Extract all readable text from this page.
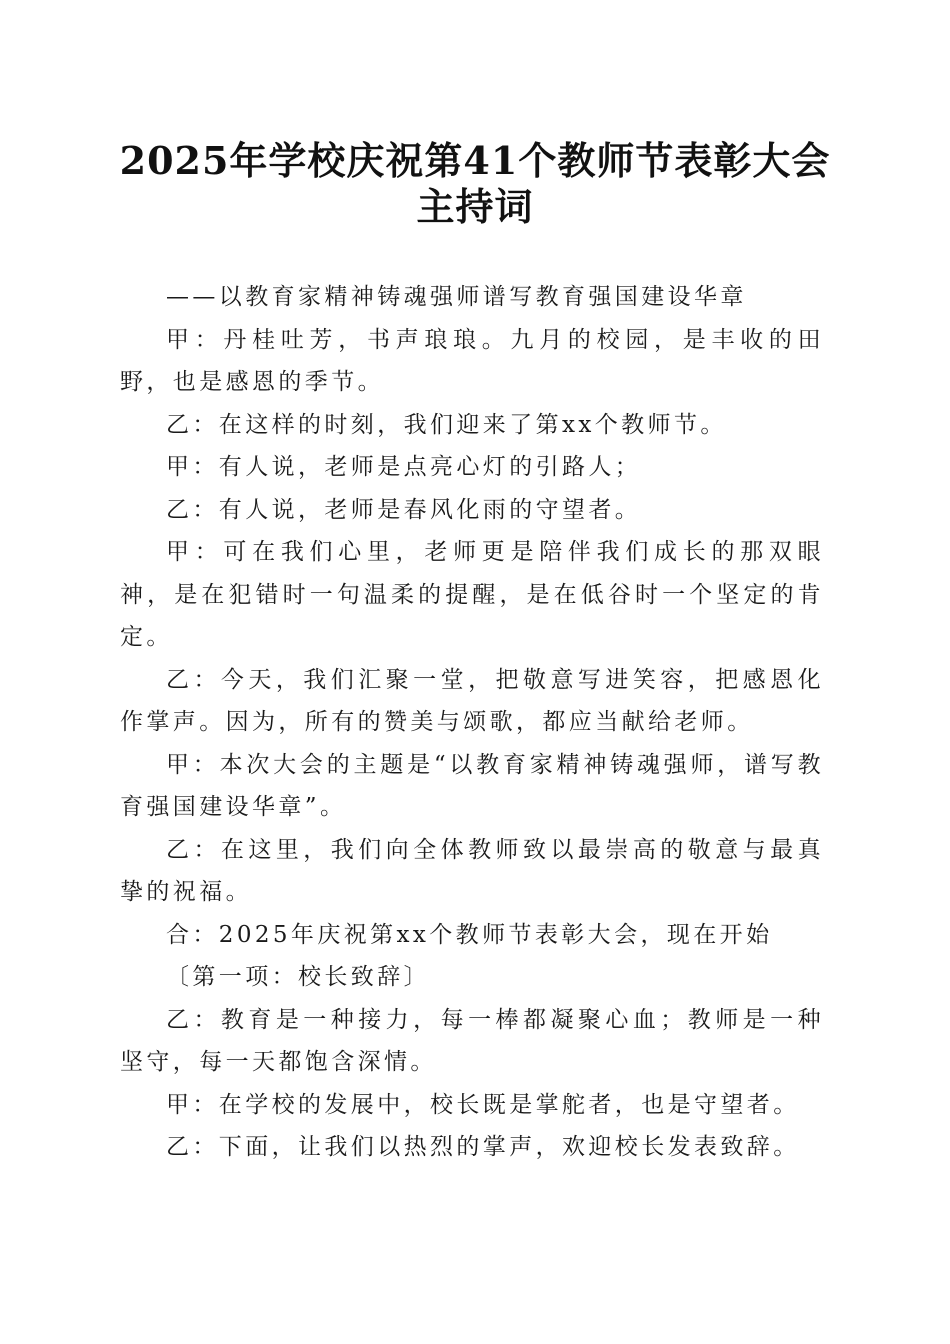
2025年学校庆祝第41个教师节表彰大会主持词

——以教育家精神铸魂强师谱写教育强国建设华章

甲：丹桂吐芳，书声琅琅。九月的校园，是丰收的田野，也是感恩的季节。

乙：在这样的时刻，我们迎来了第xx个教师节。

甲：有人说，老师是点亮心灯的引路人；

乙：有人说，老师是春风化雨的守望者。

甲：可在我们心里，老师更是陪伴我们成长的那双眼神，是在犯错时一句温柔的提醒，是在低谷时一个坚定的肯定。

乙：今天，我们汇聚一堂，把敬意写进笑容，把感恩化作掌声。因为，所有的赞美与颂歌，都应当献给老师。

甲：本次大会的主题是“以教育家精神铸魂强师，谱写教育强国建设华章”。

乙：在这里，我们向全体教师致以最崇高的敬意与最真挚的祝福。

合：2025年庆祝第xx个教师节表彰大会，现在开始

〔第一项：校长致辞〕

乙：教育是一种接力，每一棒都凝聚心血；教师是一种坚守，每一天都饱含深情。

甲：在学校的发展中，校长既是掌舵者，也是守望者。

乙：下面，让我们以热烈的掌声，欢迎校长发表致辞。
